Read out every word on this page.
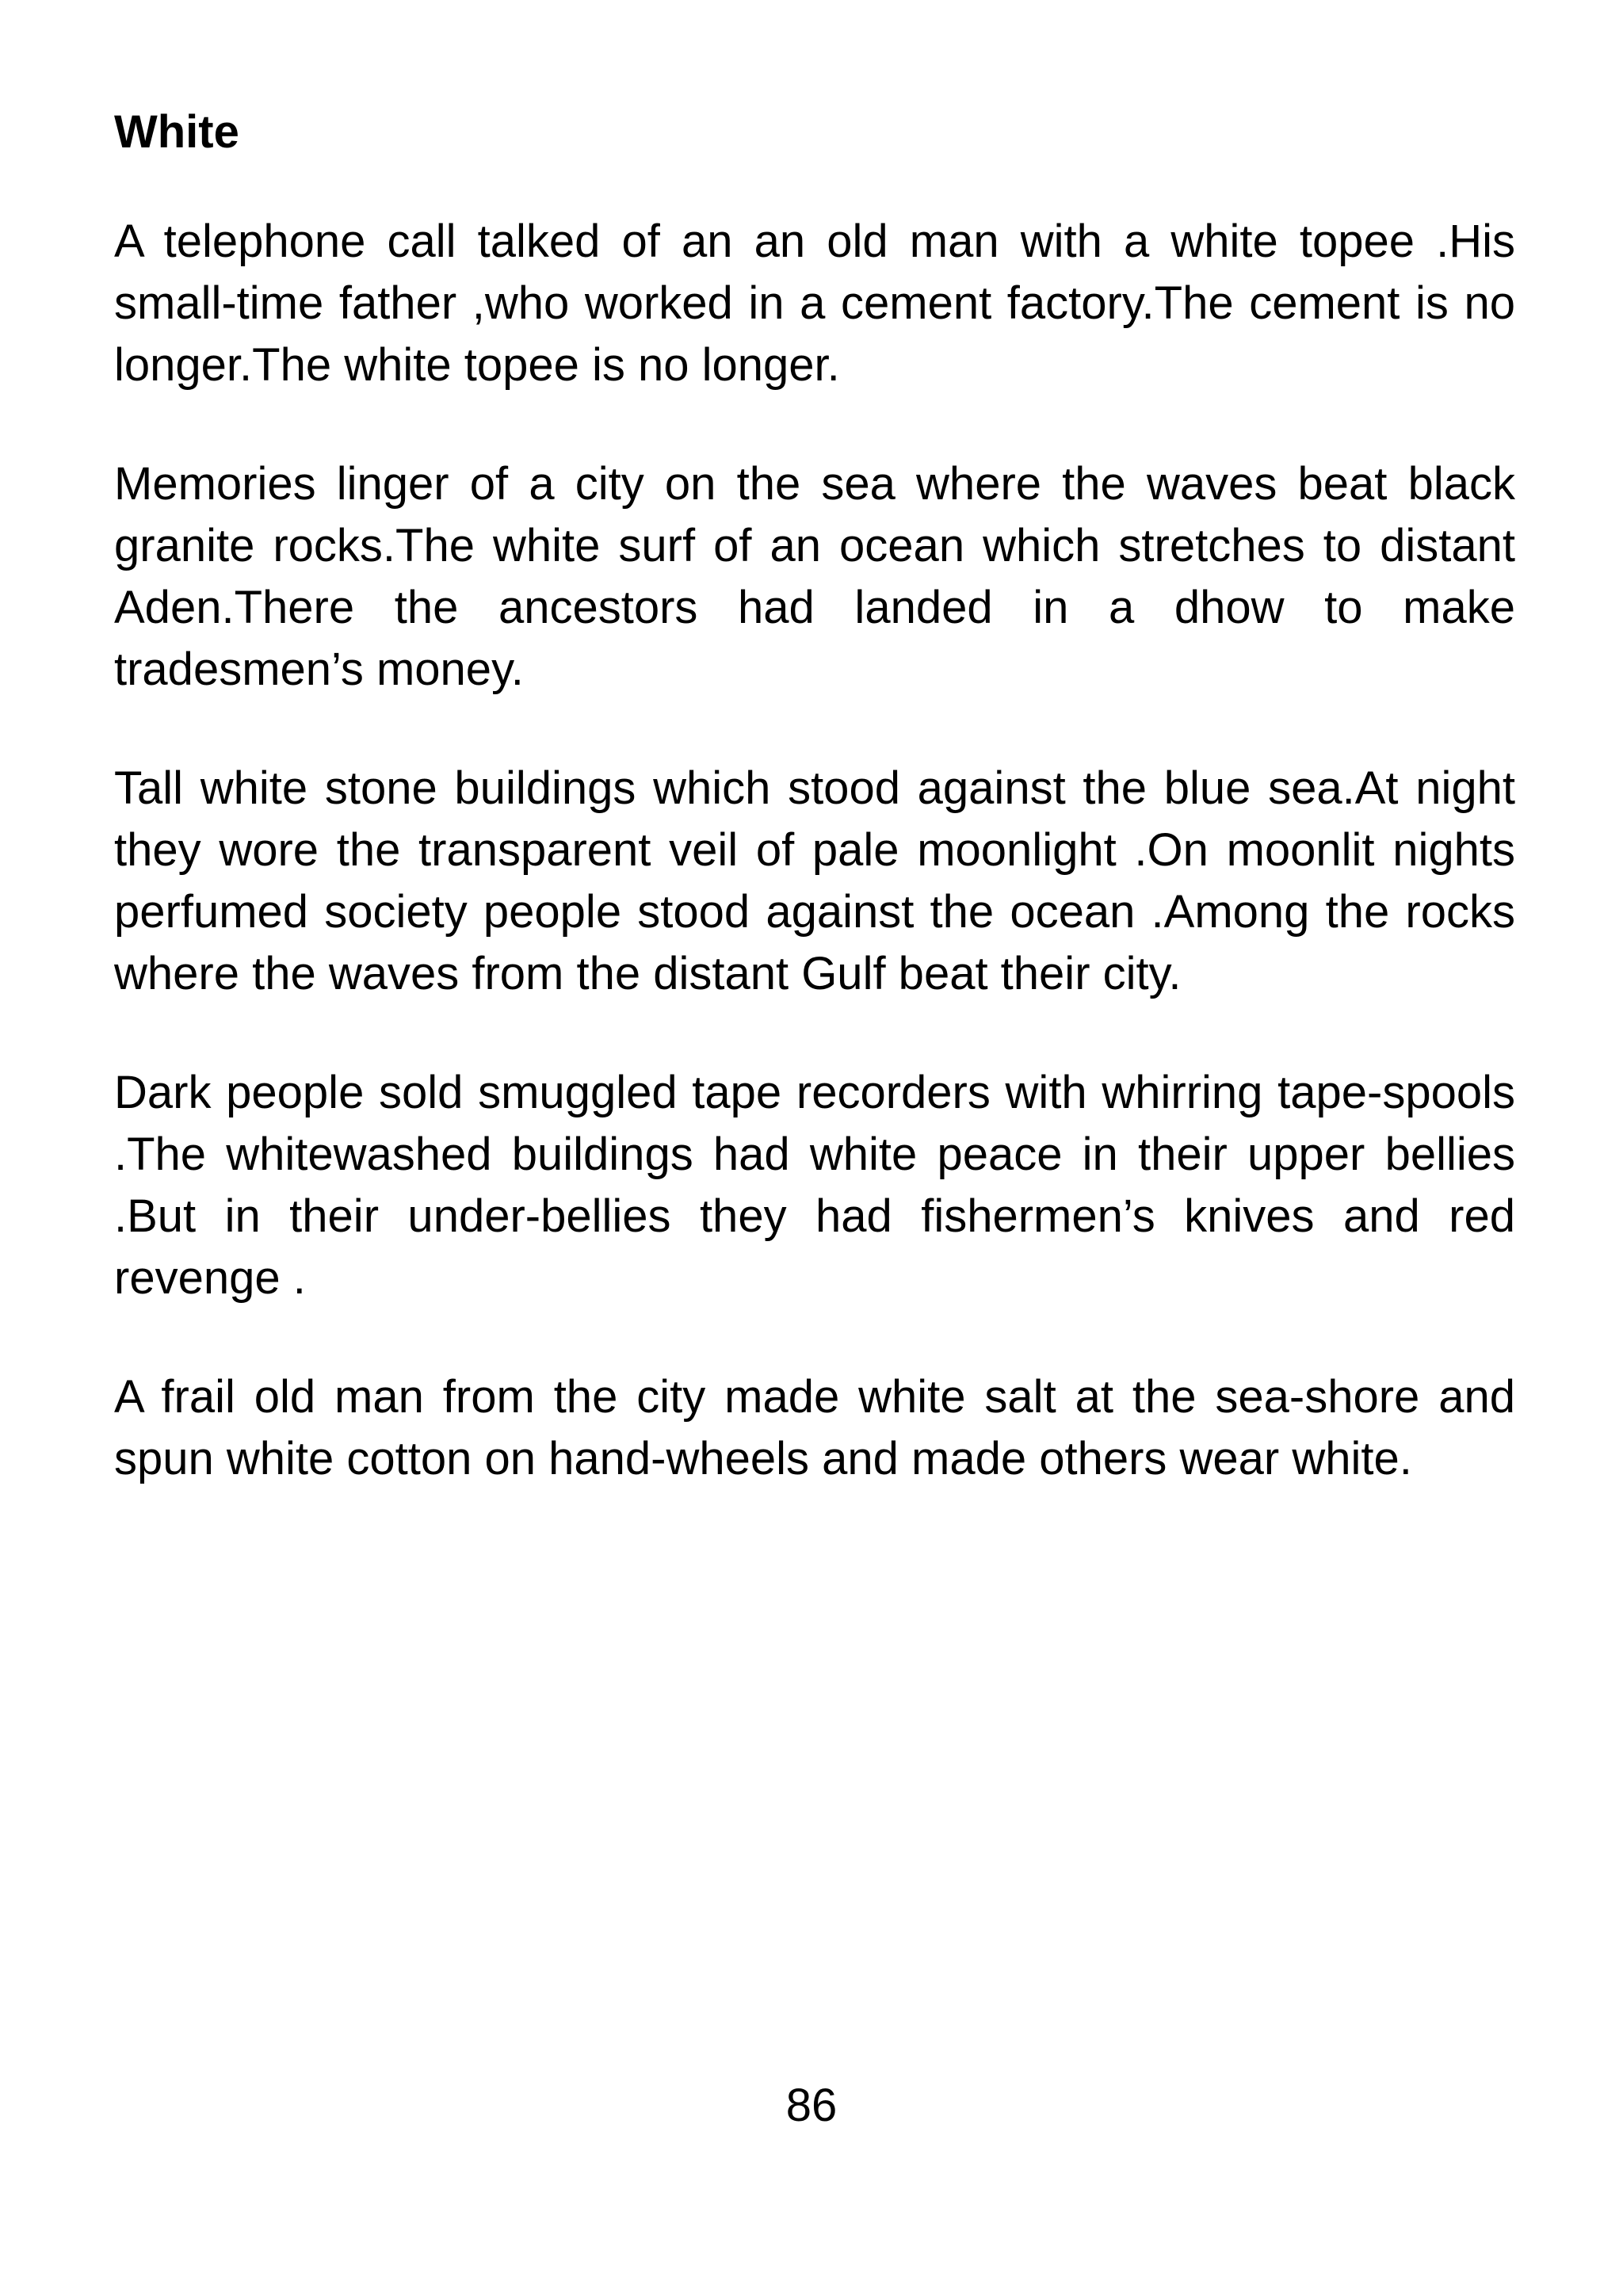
White

A telephone call talked of an an old man with a white topee .His small-time father ,who worked in a cement factory.The cement is no longer.The white topee is no longer.

Memories linger of a city on the sea where the waves beat black granite rocks.The white surf of an ocean which stretches to distant Aden.There the ancestors had landed in a dhow to make tradesmen’s money.

Tall white stone buildings which stood against the blue sea.At night they wore the transparent veil of pale moonlight .On moonlit nights perfumed society people stood against the ocean .Among the rocks where the waves from the distant Gulf beat their city.

Dark people sold smuggled tape recorders with whirring tape-spools .The whitewashed buildings had white peace in their upper bellies .But in their under-bellies they had fishermen’s knives and red revenge .

A frail old man from the city made white salt at the sea-shore and spun white cotton on hand-wheels and made others wear white.

86
